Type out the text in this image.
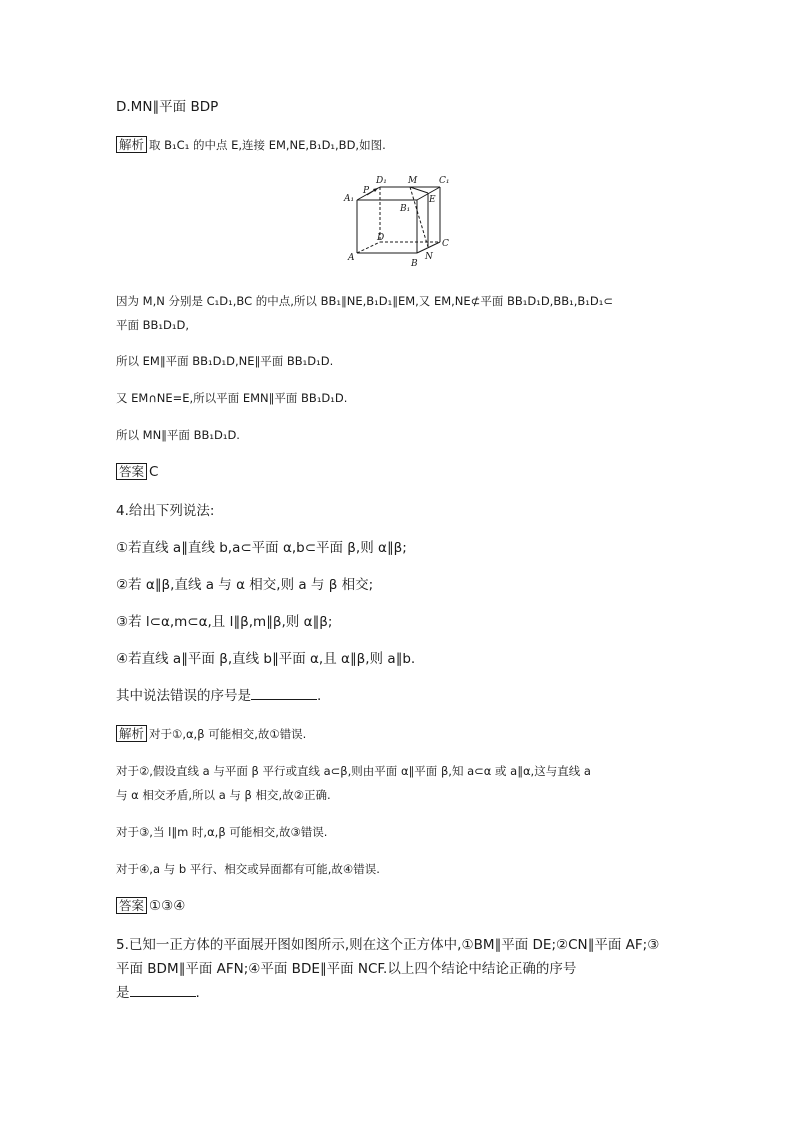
D.MN∥平面 BDP
解析 取 B₁C₁ 的中点 E,连接 EM,NE,B₁D₁,BD,如图.
D₁ M C₁
P
A₁
B₁
E
D
C
A	N
B
因为 M,N 分别是 C₁D₁,BC 的中点,所以 BB₁∥NE,B₁D₁∥EM,又 EM,NE⊄平面 BB₁D₁D,BB₁,B₁D₁⊂
平面 BB₁D₁D,
所以 EM∥平面 BB₁D₁D,NE∥平面 BB₁D₁D.
又 EM∩NE=E,所以平面 EMN∥平面 BB₁D₁D.
所以 MN∥平面 BB₁D₁D.
答案 C
4.给出下列说法:
①若直线 a∥直线 b,a⊂平面 α,b⊂平面 β,则 α∥β;
②若 α∥β,直线 a 与 α 相交,则 a 与 β 相交;
③若 l⊂α,m⊂α,且 l∥β,m∥β,则 α∥β;
④若直线 a∥平面 β,直线 b∥平面 α,且 α∥β,则 a∥b.
其中说法错误的序号是	.
解析 对于①,α,β 可能相交,故①错误.
对于②,假设直线 a 与平面 β 平行或直线 a⊂β,则由平面 α∥平面 β,知 a⊂α 或 a∥α,这与直线 a
与 α 相交矛盾,所以 a 与 β 相交,故②正确.
对于③,当 l∥m 时,α,β 可能相交,故③错误.
对于④,a 与 b 平行、相交或异面都有可能,故④错误.
答案 ①③④
5.已知一正方体的平面展开图如图所示,则在这个正方体中,①BM∥平面 DE;②CN∥平面 AF;③
平面 BDM∥平面 AFN;④平面 BDE∥平面 NCF.以上四个结论中结论正确的序号
是	.
